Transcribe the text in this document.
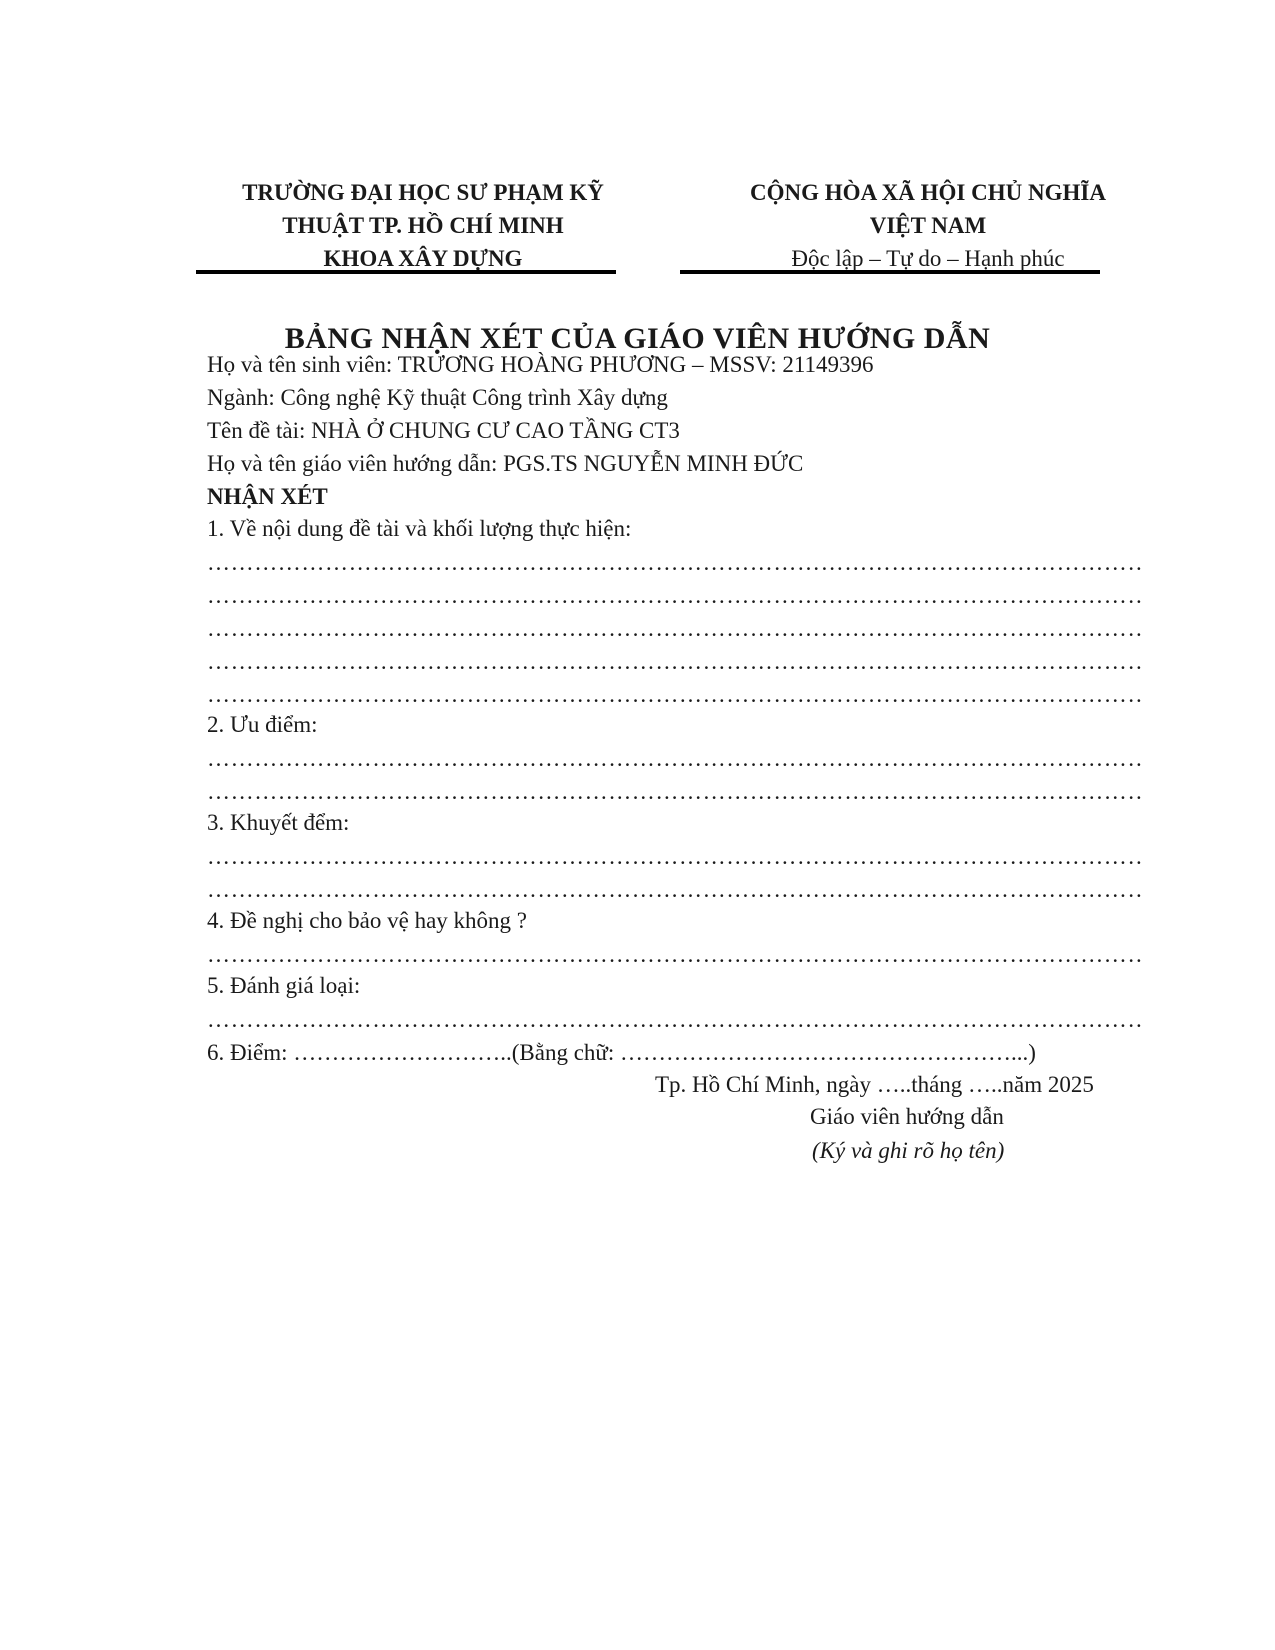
TRƯỜNG ĐẠI HỌC SƯ PHẠM KỸ
THUẬT TP. HỒ CHÍ MINH
KHOA XÂY DỰNG
CỘNG HÒA XÃ HỘI CHỦ NGHĨA
VIỆT NAM
Độc lập – Tự do – Hạnh phúc
BẢNG NHẬN XÉT CỦA GIÁO VIÊN HƯỚNG DẪN
Họ và tên sinh viên: TRƯƠNG HOÀNG PHƯƠNG – MSSV: 21149396
Ngành: Công nghệ Kỹ thuật Công trình Xây dựng
Tên đề tài: NHÀ Ở CHUNG CƯ CAO TẦNG CT3
Họ và tên giáo viên hướng dẫn: PGS.TS NGUYỄN MINH ĐỨC
NHẬN XÉT
1. Về nội dung đề tài và khối lượng thực hiện:
……………………………………………………………………………………………………………………………………
……………………………………………………………………………………………………………………………………
……………………………………………………………………………………………………………………………………
……………………………………………………………………………………………………………………………………
……………………………………………………………………………………………………………………………………
2. Ưu điểm:
……………………………………………………………………………………………………………………………………
……………………………………………………………………………………………………………………………………
3. Khuyết đểm:
……………………………………………………………………………………………………………………………………
……………………………………………………………………………………………………………………………………
4. Đề nghị cho bảo vệ hay không ?
……………………………………………………………………………………………………………………………………
5. Đánh giá loại:
……………………………………………………………………………………………………………………………………
6. Điểm: ………………………..(Bằng chữ: ……………………………………………...)
Tp. Hồ Chí Minh, ngày …..tháng …..năm 2025
Giáo viên hướng dẫn
(Ký và ghi rõ họ tên)
